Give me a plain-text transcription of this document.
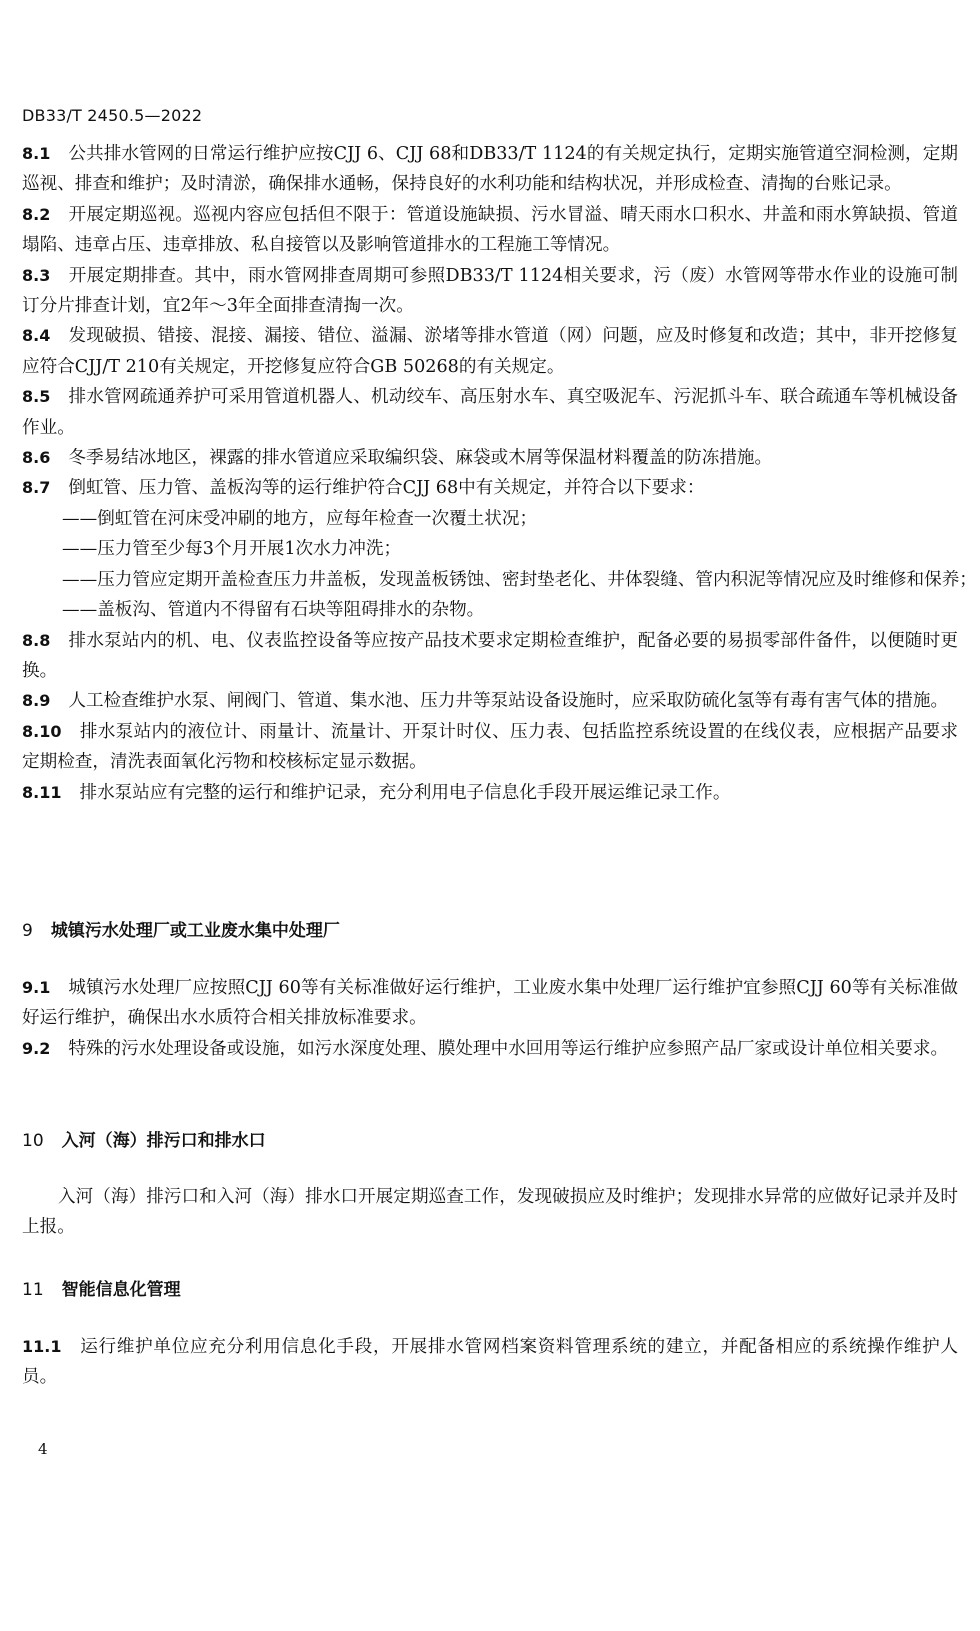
DB33/T 2450.5—2022
8.1 公共排水管网的日常运行维护应按CJJ 6、CJJ 68和DB33/T 1124的有关规定执行，定期实施管道空洞检测，定期巡视、排查和维护；及时清淤，确保排水通畅，保持良好的水利功能和结构状况，并形成检查、清掏的台账记录。
8.2 开展定期巡视。巡视内容应包括但不限于：管道设施缺损、污水冒溢、晴天雨水口积水、井盖和雨水箅缺损、管道塌陷、违章占压、违章排放、私自接管以及影响管道排水的工程施工等情况。
8.3 开展定期排查。其中，雨水管网排查周期可参照DB33/T 1124相关要求，污（废）水管网等带水作业的设施可制订分片排查计划，宜2年～3年全面排查清掏一次。
8.4 发现破损、错接、混接、漏接、错位、溢漏、淤堵等排水管道（网）问题，应及时修复和改造；其中，非开挖修复应符合CJJ/T 210有关规定，开挖修复应符合GB 50268的有关规定。
8.5 排水管网疏通养护可采用管道机器人、机动绞车、高压射水车、真空吸泥车、污泥抓斗车、联合疏通车等机械设备作业。
8.6 冬季易结冰地区，裸露的排水管道应采取编织袋、麻袋或木屑等保温材料覆盖的防冻措施。
8.7 倒虹管、压力管、盖板沟等的运行维护符合CJJ 68中有关规定，并符合以下要求：
——倒虹管在河床受冲刷的地方，应每年检查一次覆土状况；
——压力管至少每3个月开展1次水力冲洗；
——压力管应定期开盖检查压力井盖板，发现盖板锈蚀、密封垫老化、井体裂缝、管内积泥等情况应及时维修和保养；
——盖板沟、管道内不得留有石块等阻碍排水的杂物。
8.8 排水泵站内的机、电、仪表监控设备等应按产品技术要求定期检查维护，配备必要的易损零部件备件，以便随时更换。
8.9 人工检查维护水泵、闸阀门、管道、集水池、压力井等泵站设备设施时，应采取防硫化氢等有毒有害气体的措施。
8.10 排水泵站内的液位计、雨量计、流量计、开泵计时仪、压力表、包括监控系统设置的在线仪表，应根据产品要求定期检查，清洗表面氧化污物和校核标定显示数据。
8.11 排水泵站应有完整的运行和维护记录，充分利用电子信息化手段开展运维记录工作。
9 城镇污水处理厂或工业废水集中处理厂
9.1 城镇污水处理厂应按照CJJ 60等有关标准做好运行维护，工业废水集中处理厂运行维护宜参照CJJ 60等有关标准做好运行维护，确保出水水质符合相关排放标准要求。
9.2 特殊的污水处理设备或设施，如污水深度处理、膜处理中水回用等运行维护应参照产品厂家或设计单位相关要求。
10 入河（海）排污口和排水口
入河（海）排污口和入河（海）排水口开展定期巡查工作，发现破损应及时维护；发现排水异常的应做好记录并及时上报。
11 智能信息化管理
11.1 运行维护单位应充分利用信息化手段，开展排水管网档案资料管理系统的建立，并配备相应的系统操作维护人员。
4
